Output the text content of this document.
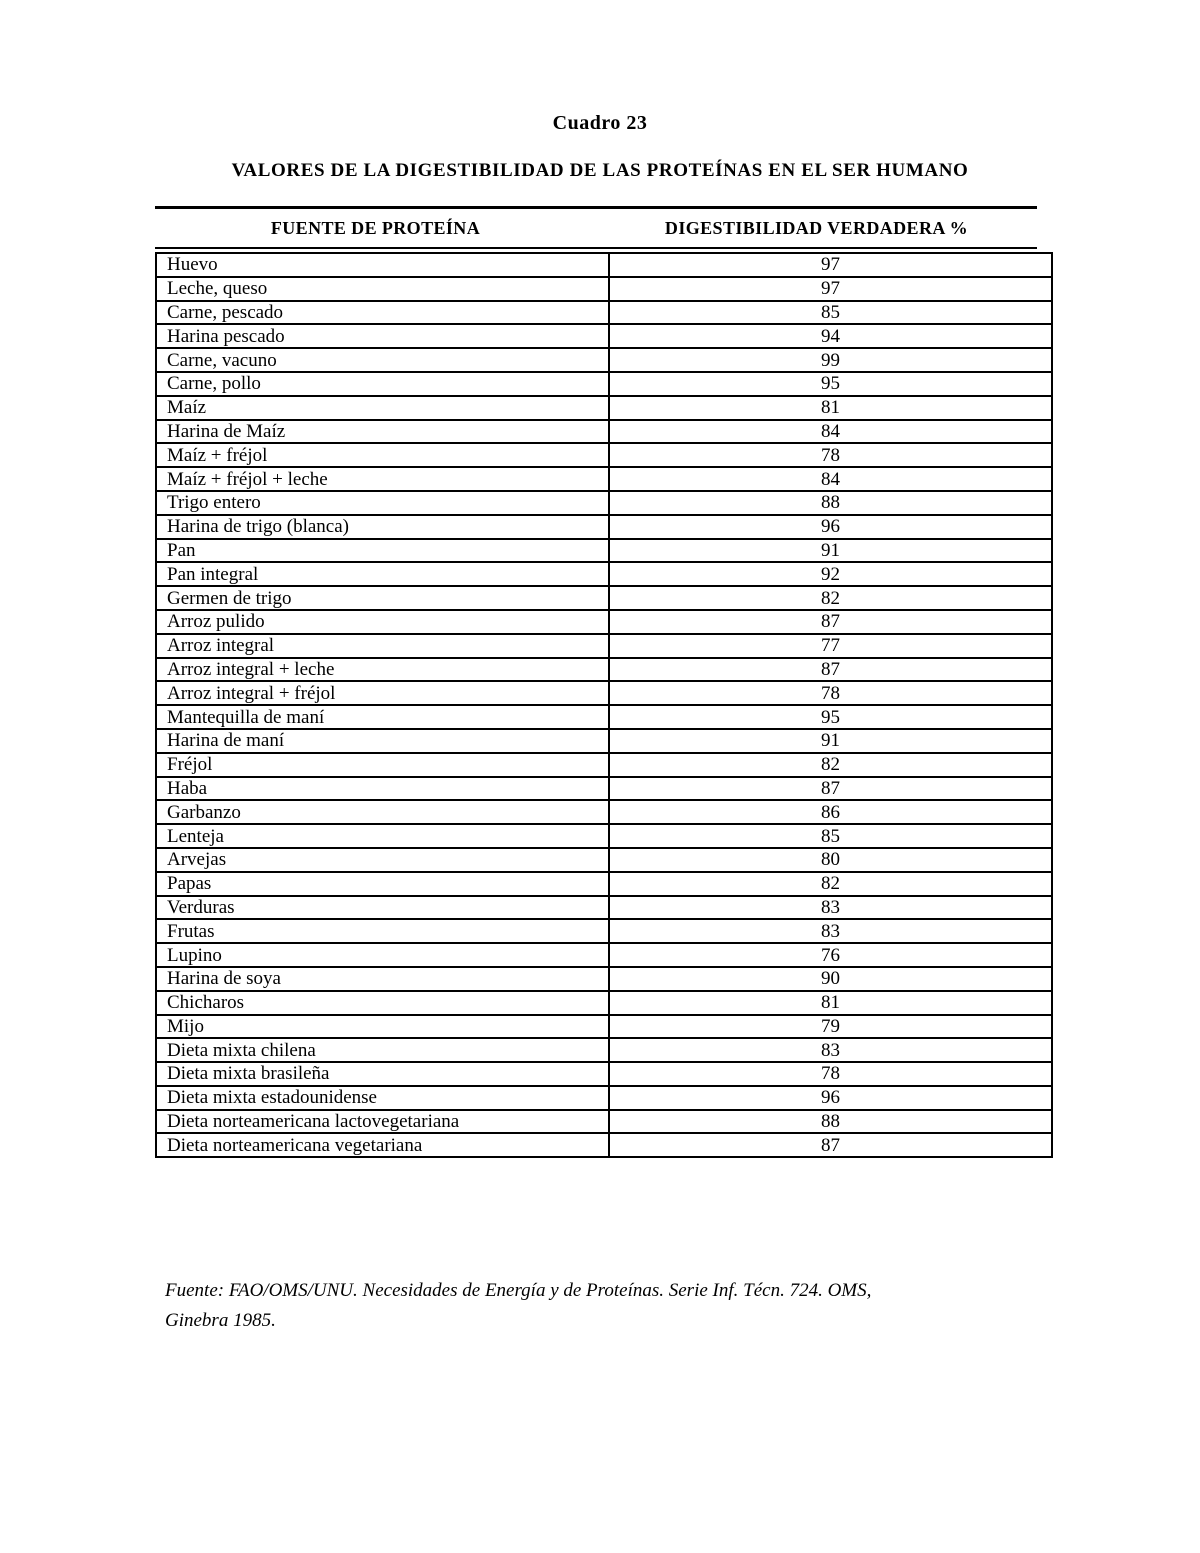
Cuadro 23
VALORES DE LA DIGESTIBILIDAD DE LAS PROTEÍNAS EN EL SER HUMANO
FUENTE DE PROTEÍNA	DIGESTIBILIDAD VERDADERA %
Huevo	97
Leche, queso	97
Carne, pescado	85
Harina pescado	94
Carne, vacuno	99
Carne, pollo	95
Maíz	81
Harina de Maíz	84
Maíz + fréjol	78
Maíz + fréjol + leche	84
Trigo entero	88
Harina de trigo (blanca)	96
Pan	91
Pan integral	92
Germen de trigo	82
Arroz pulido	87
Arroz integral	77
Arroz integral + leche	87
Arroz integral + fréjol	78
Mantequilla de maní	95
Harina de maní	91
Fréjol	82
Haba	87
Garbanzo	86
Lenteja	85
Arvejas	80
Papas	82
Verduras	83
Frutas	83
Lupino	76
Harina de soya	90
Chicharos	81
Mijo	79
Dieta mixta chilena	83
Dieta mixta brasileña	78
Dieta mixta estadounidense	96
Dieta norteamericana lactovegetariana	88
Dieta norteamericana vegetariana	87
Fuente: FAO/OMS/UNU. Necesidades de Energía y de Proteínas. Serie Inf. Técn. 724. OMS,
Ginebra 1985.
